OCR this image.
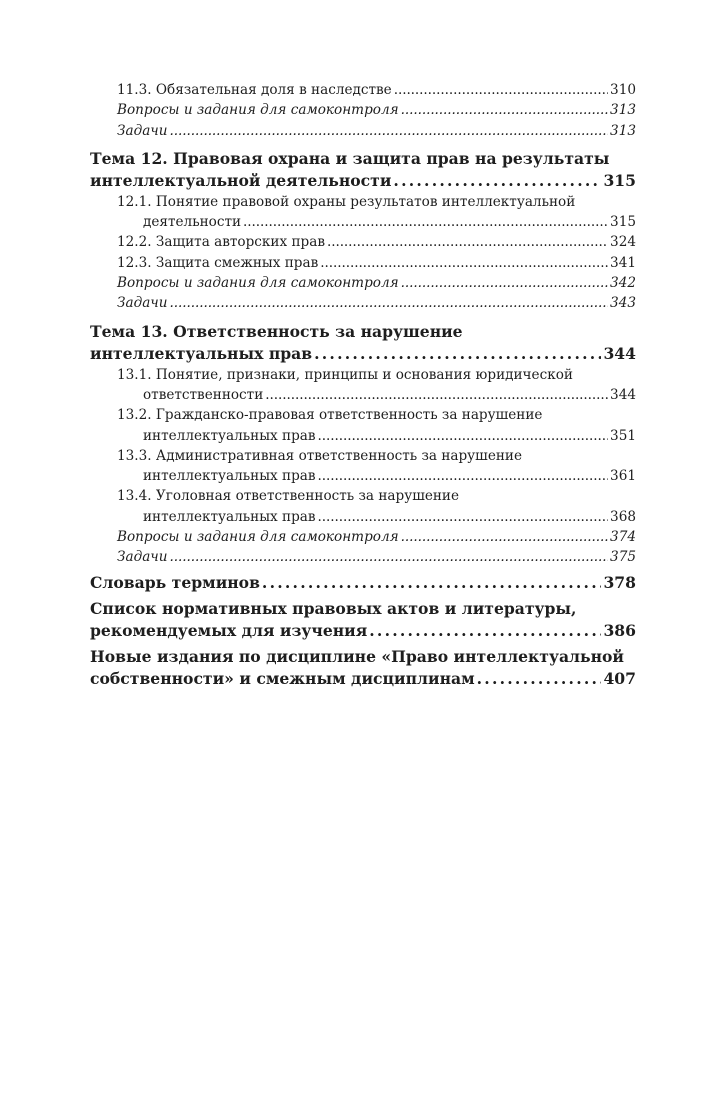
11.3. Обязательная доля в наследстве . . .	310
Вопросы и задания для самоконтроля . . .	313
Задачи . . .	313
Тема 12. Правовая охрана и защита прав на результаты
интеллектуальной деятельности . . .	315
12.1. Понятие правовой охраны результатов интеллектуальной
деятельности . . .	315
12.2. Защита авторских прав . . .	324
12.3. Защита смежных прав . . .	341
Вопросы и задания для самоконтроля . . .	342
Задачи . . .	343
Тема 13. Ответственность за нарушение
интеллектуальных прав . . .	344
13.1. Понятие, признаки, принципы и основания юридической
ответственности . . .	344
13.2. Гражданско-правовая ответственность за нарушение
интеллектуальных прав . . .	351
13.3. Административная ответственность за нарушение
интеллектуальных прав . . .	361
13.4. Уголовная ответственность за нарушение
интеллектуальных прав . . .	368
Вопросы и задания для самоконтроля . . .	374
Задачи . . .	375
Словарь терминов . . .	378
Список нормативных правовых актов и литературы,
рекомендуемых для изучения . . .	386
Новые издания по дисциплине «Право интеллектуальной
собственности» и смежным дисциплинам . . .	407
